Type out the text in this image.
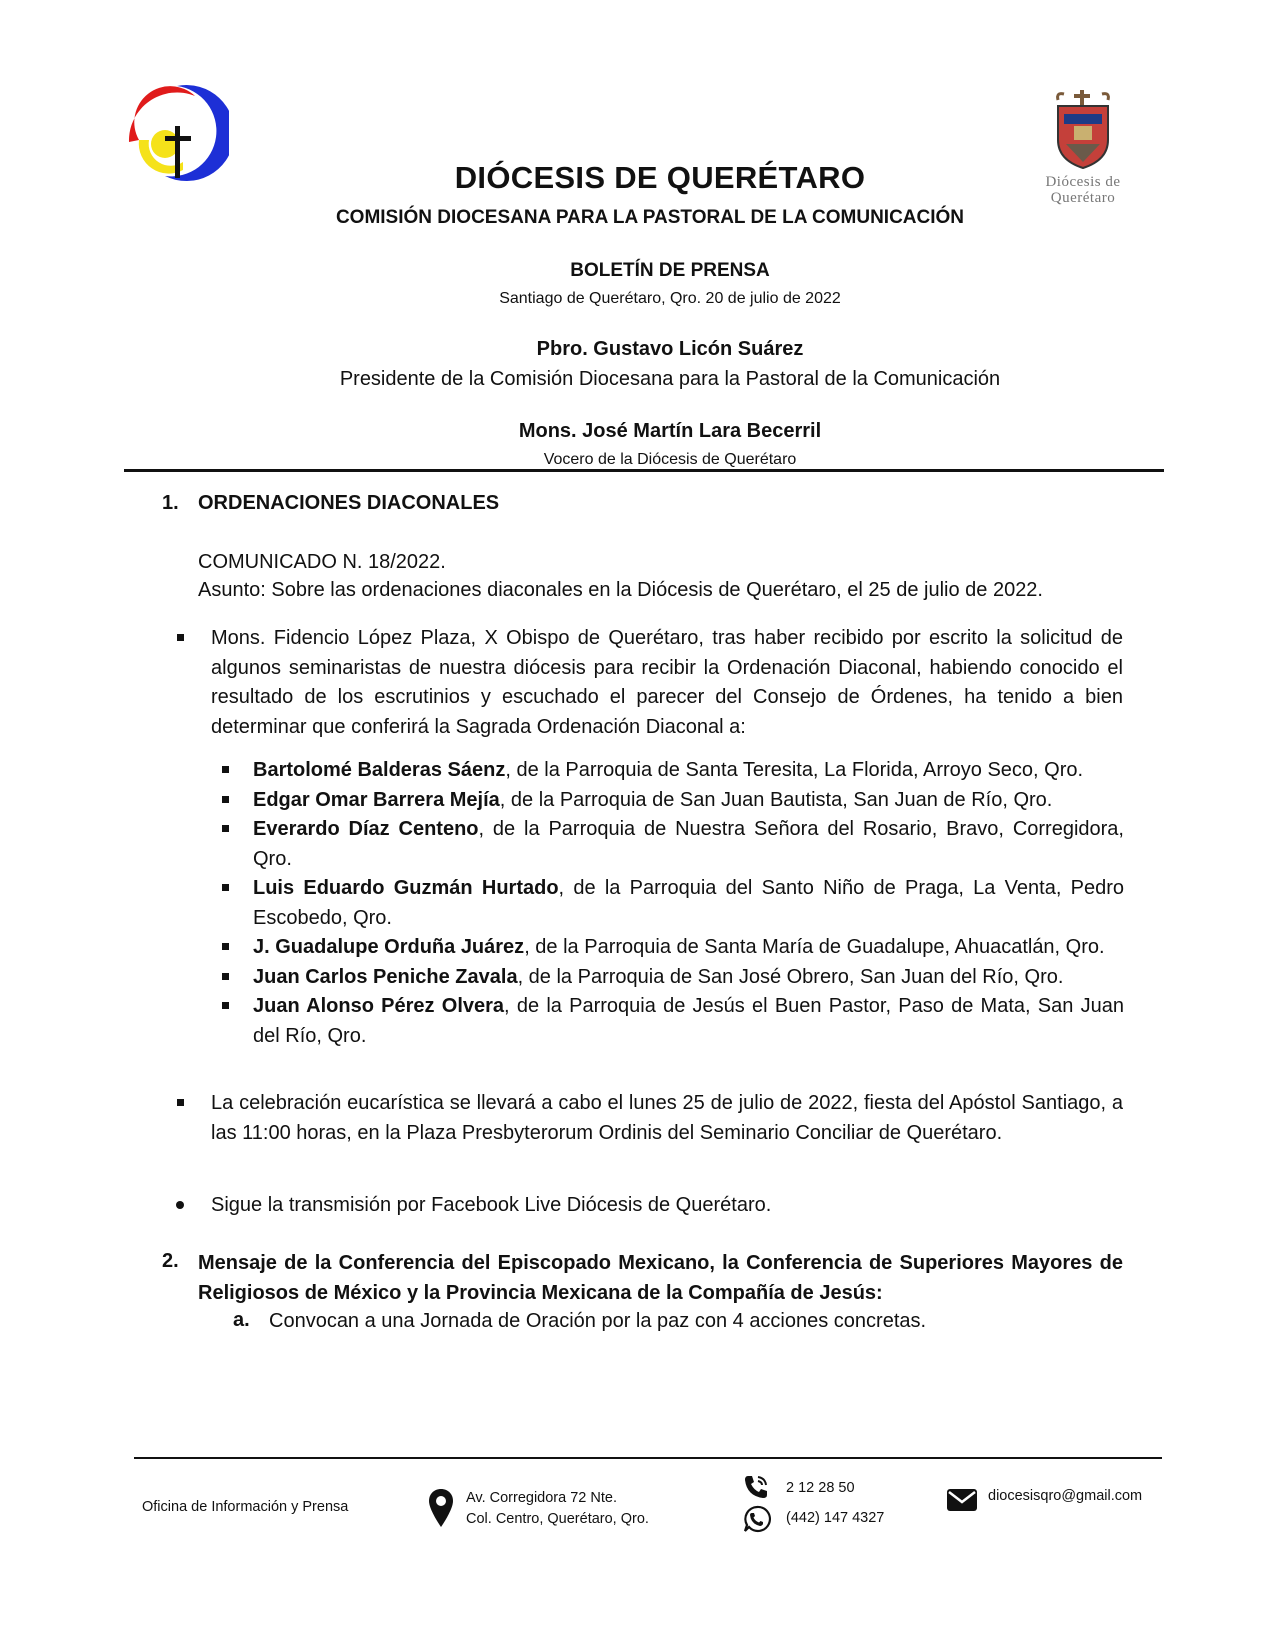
Diócesis de
Querétaro
DIÓCESIS DE QUERÉTARO
COMISIÓN DIOCESANA PARA LA PASTORAL DE LA COMUNICACIÓN
BOLETÍN DE PRENSA
Santiago de Querétaro, Qro. 20 de julio de 2022
Pbro. Gustavo Licón Suárez
Presidente de la Comisión Diocesana para la Pastoral de la Comunicación
Mons. José Martín Lara Becerril
Vocero de la Diócesis de Querétaro
1. ORDENACIONES DIACONALES
COMUNICADO N. 18/2022.
Asunto: Sobre las ordenaciones diaconales en la Diócesis de Querétaro, el 25 de julio de 2022.
Mons. Fidencio López Plaza, X Obispo de Querétaro, tras haber recibido por escrito la solicitud de algunos seminaristas de nuestra diócesis para recibir la Ordenación Diaconal, habiendo conocido el resultado de los escrutinios y escuchado el parecer del Consejo de Órdenes, ha tenido a bien determinar que conferirá la Sagrada Ordenación Diaconal a:
Bartolomé Balderas Sáenz, de la Parroquia de Santa Teresita, La Florida, Arroyo Seco, Qro.
Edgar Omar Barrera Mejía, de la Parroquia de San Juan Bautista, San Juan de Río, Qro.
Everardo Díaz Centeno, de la Parroquia de Nuestra Señora del Rosario, Bravo, Corregidora, Qro.
Luis Eduardo Guzmán Hurtado, de la Parroquia del Santo Niño de Praga, La Venta, Pedro Escobedo, Qro.
J. Guadalupe Orduña Juárez, de la Parroquia de Santa María de Guadalupe, Ahuacatlán, Qro.
Juan Carlos Peniche Zavala, de la Parroquia de San José Obrero, San Juan del Río, Qro.
Juan Alonso Pérez Olvera, de la Parroquia de Jesús el Buen Pastor, Paso de Mata, San Juan del Río, Qro.
La celebración eucarística se llevará a cabo el lunes 25 de julio de 2022, fiesta del Apóstol Santiago, a las 11:00 horas, en la Plaza Presbyterorum Ordinis del Seminario Conciliar de Querétaro.
Sigue la transmisión por Facebook Live Diócesis de Querétaro.
2. Mensaje de la Conferencia del Episcopado Mexicano, la Conferencia de Superiores Mayores de Religiosos de México y la Provincia Mexicana de la Compañía de Jesús:
a. Convocan a una Jornada de Oración por la paz con 4 acciones concretas.
Oficina de Información y Prensa
Av. Corregidora 72 Nte.
Col. Centro, Querétaro, Qro.
2 12 28 50
(442) 147 4327
diocesisqro@gmail.com
